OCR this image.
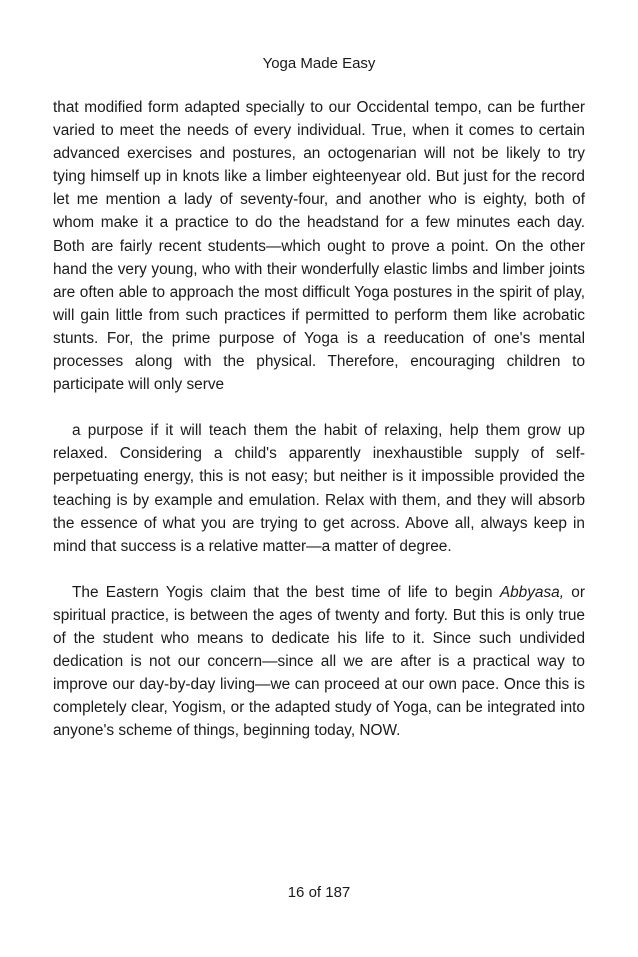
Yoga Made Easy

that modified form adapted specially to our Occidental tempo, can be further varied to meet the needs of every individual. True, when it comes to certain advanced exercises and postures, an octogenarian will not be likely to try tying himself up in knots like a limber eighteenyear old. But just for the record let me mention a lady of seventy-four, and another who is eighty, both of whom make it a practice to do the headstand for a few minutes each day. Both are fairly recent students—which ought to prove a point. On the other hand the very young, who with their wonderfully elastic limbs and limber joints are often able to approach the most difficult Yoga postures in the spirit of play, will gain little from such practices if permitted to perform them like acrobatic stunts. For, the prime purpose of Yoga is a reeducation of one's mental processes along with the physical. Therefore, encouraging children to participate will only serve

a purpose if it will teach them the habit of relaxing, help them grow up relaxed. Considering a child's apparently inexhaustible supply of self-perpetuating energy, this is not easy; but neither is it impossible provided the teaching is by example and emulation. Relax with them, and they will absorb the essence of what you are trying to get across. Above all, always keep in mind that success is a relative matter—a matter of degree.

The Eastern Yogis claim that the best time of life to begin Abbyasa, or spiritual practice, is between the ages of twenty and forty. But this is only true of the student who means to dedicate his life to it. Since such undivided dedication is not our concern—since all we are after is a practical way to improve our day-by-day living—we can proceed at our own pace. Once this is completely clear, Yogism, or the adapted study of Yoga, can be integrated into anyone's scheme of things, beginning today, NOW.

16 of 187
